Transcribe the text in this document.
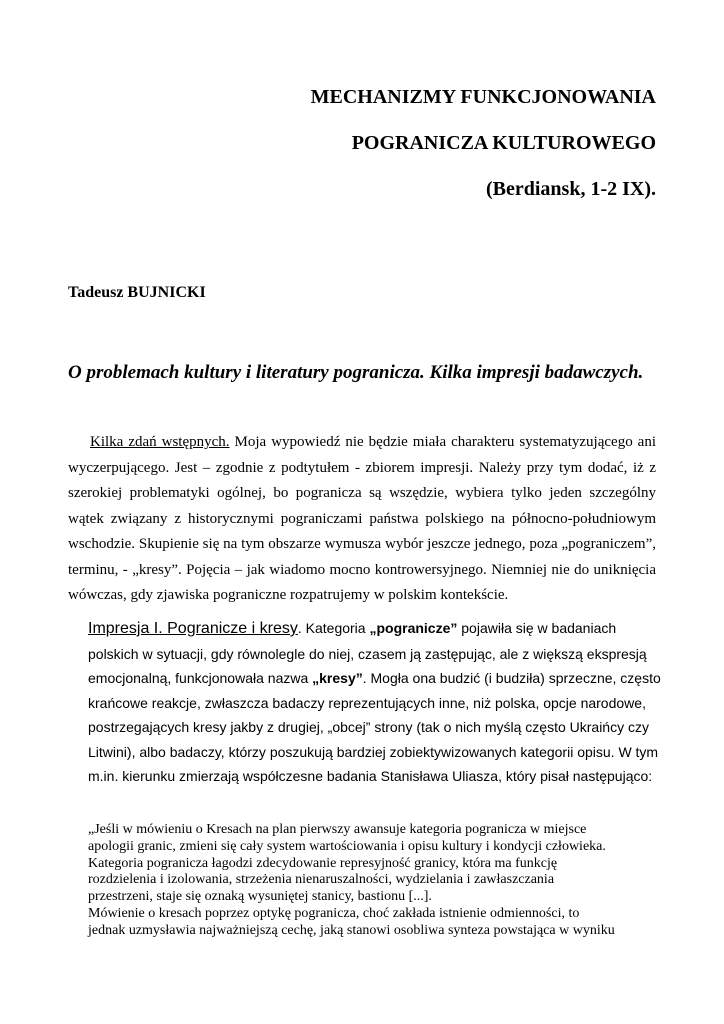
MECHANIZMY FUNKCJONOWANIA

POGRANICZA KULTUROWEGO

(Berdiansk, 1-2 IX).

Tadeusz BUJNICKI

O problemach kultury i literatury pogranicza. Kilka impresji badawczych.

Kilka zdań wstępnych. Moja wypowiedź nie będzie miała charakteru systematyzującego ani wyczerpującego. Jest – zgodnie z podtytułem - zbiorem impresji. Należy przy tym dodać, iż z szerokiej problematyki ogólnej, bo pogranicza są wszędzie, wybiera tylko jeden szczególny wątek związany z historycznymi pograniczami państwa polskiego na północno-południowym wschodzie. Skupienie się na tym obszarze wymusza wybór jeszcze jednego, poza „pograniczem”, terminu, - „kresy”. Pojęcia – jak wiadomo mocno kontrowersyjnego. Niemniej nie do uniknięcia wówczas, gdy zjawiska pograniczne rozpatrujemy w polskim kontekście.

Impresja I. Pogranicze i kresy. Kategoria „pogranicze” pojawiła się w badaniach polskich w sytuacji, gdy równolegle do niej, czasem ją zastępując, ale z większą ekspresją emocjonalną, funkcjonowała nazwa „kresy”. Mogła ona budzić (i budziła) sprzeczne, często krańcowe reakcje, zwłaszcza badaczy reprezentujących inne, niż polska, opcje narodowe, postrzegających kresy jakby z drugiej, „obcej” strony (tak o nich myślą często Ukraińcy czy Litwini), albo badaczy, którzy poszukują bardziej zobiektywizowanych kategorii opisu. W tym m.in. kierunku zmierzają współczesne badania Stanisława Uliasza, który pisał następująco:

„Jeśli w mówieniu o Kresach na plan pierwszy awansuje kategoria pogranicza w miejsce
apologii granic, zmieni się cały system wartościowania i opisu kultury i kondycji człowieka.
Kategoria pogranicza łagodzi zdecydowanie represyjność granicy, która ma funkcję
rozdzielenia i izolowania, strzeżenia nienaruszalności, wydzielania i zawłaszczania
przestrzeni, staje się oznaką wysuniętej stanicy, bastionu [...].
Mówienie o kresach poprzez optykę pogranicza, choć zakłada istnienie odmienności, to
jednak uzmysławia najważniejszą cechę, jaką stanowi osobliwa synteza powstająca w wyniku
